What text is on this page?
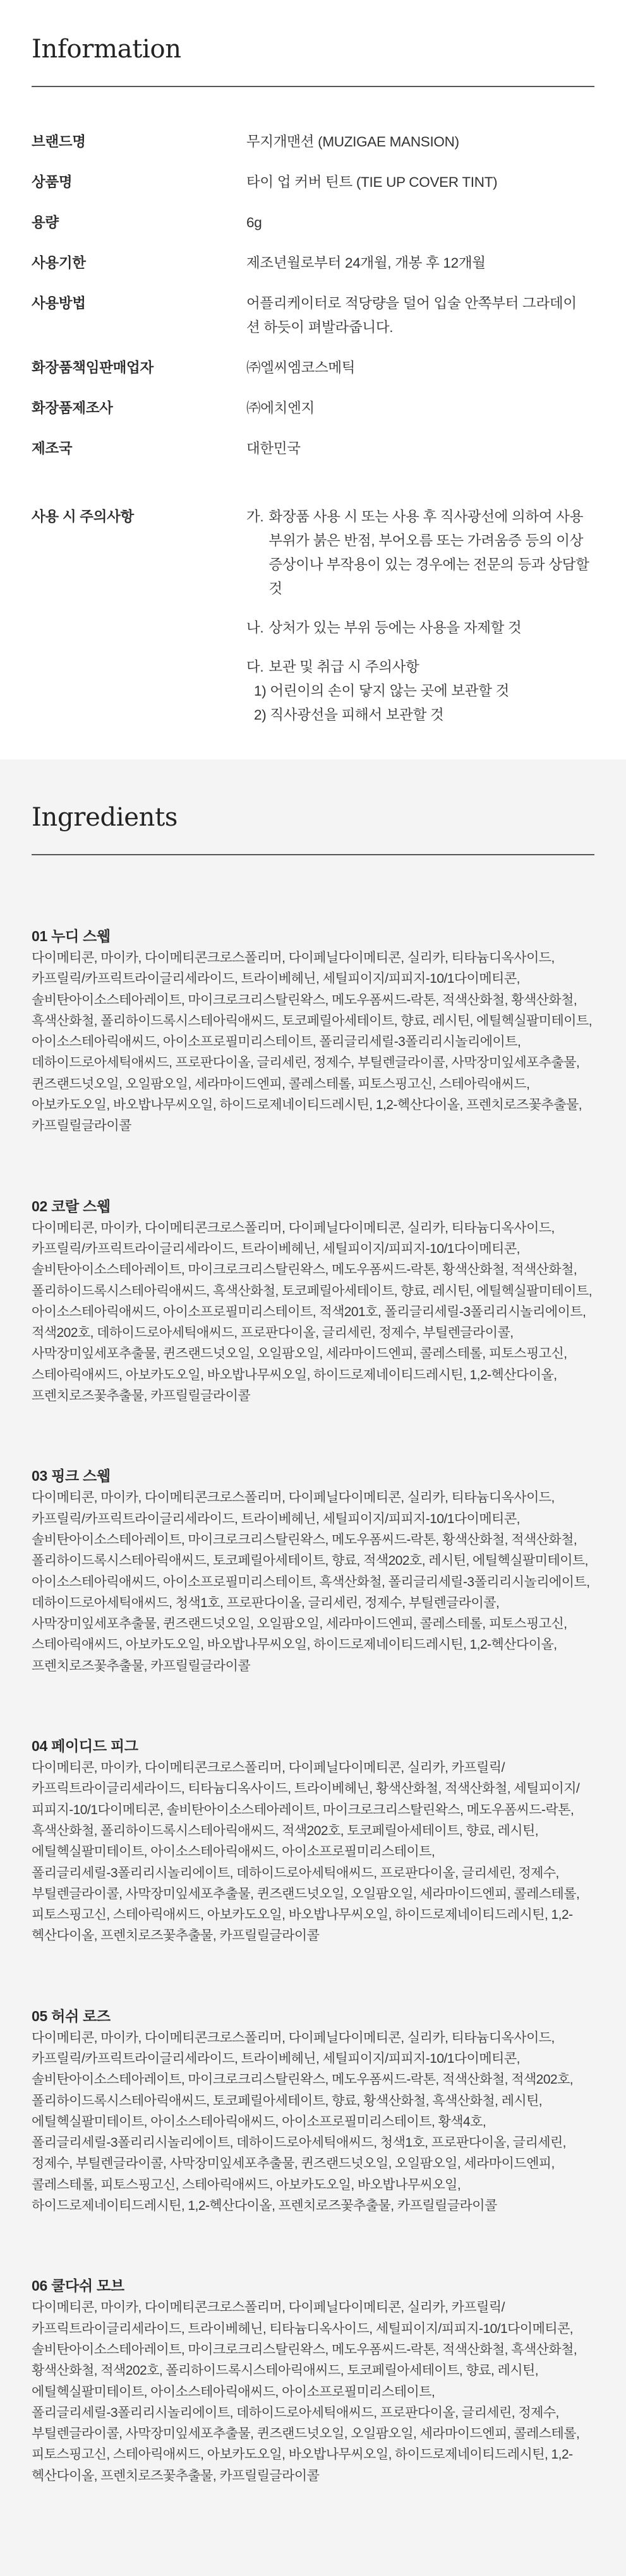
Information
브랜드명	무지개맨션 (MUZIGAE MANSION)
상품명	타이 업 커버 틴트 (TIE UP COVER TINT)
용량	6g
사용기한	제조년월로부터 24개월, 개봉 후 12개월
사용방법	어플리케이터로 적당량을 덜어 입술 안쪽부터 그라데이션 하듯이 펴발라줍니다.
화장품책임판매업자	㈜엘씨엠코스메틱
화장품제조사	㈜에치엔지
제조국	대한민국
사용 시 주의사항	가. 화장품 사용 시 또는 사용 후 직사광선에 의하여 사용부위가 붉은 반점, 부어오름 또는 가려움증 등의 이상 증상이나 부작용이 있는 경우에는 전문의 등과 상담할 것
나. 상처가 있는 부위 등에는 사용을 자제할 것
다. 보관 및 취급 시 주의사항
1) 어린이의 손이 닿지 않는 곳에 보관할 것
2) 직사광선을 피해서 보관할 것
Ingredients
01 누디 스웹
다이메티콘, 마이카, 다이메티콘크로스폴리머, 다이페닐다이메티콘, 실리카, 티타늄디옥사이드, 카프릴릭/카프릭트라이글리세라이드, 트라이베헤닌, 세틸피이지/피피지-10/1다이메티콘, 솔비탄아이소스테아레이트, 마이크로크리스탈린왁스, 메도우폼씨드-락톤, 적색산화철, 황색산화철, 흑색산화철, 폴리하이드록시스테아릭애씨드, 토코페릴아세테이트, 향료, 레시틴, 에틸헥실팔미테이트, 아이소스테아릭애씨드, 아이소프로필미리스테이트, 폴리글리세릴-3폴리리시놀리에이트, 데하이드로아세틱애씨드, 프로판다이올, 글리세린, 정제수, 부틸렌글라이콜, 사막장미잎세포추출물, 퀸즈랜드넛오일, 오일팜오일, 세라마이드엔피, 콜레스테롤, 피토스핑고신, 스테아릭애씨드, 아보카도오일, 바오밥나무씨오일, 하이드로제네이티드레시틴, 1,2-헥산다이올, 프렌치로즈꽃추출물, 카프릴릴글라이콜
02 코랄 스웹
다이메티콘, 마이카, 다이메티콘크로스폴리머, 다이페닐다이메티콘, 실리카, 티타늄디옥사이드, 카프릴릭/카프릭트라이글리세라이드, 트라이베헤닌, 세틸피이지/피피지-10/1다이메티콘, 솔비탄아이소스테아레이트, 마이크로크리스탈린왁스, 메도우폼씨드-락톤, 황색산화철, 적색산화철, 폴리하이드록시스테아릭애씨드, 흑색산화철, 토코페릴아세테이트, 향료, 레시틴, 에틸헥실팔미테이트, 아이소스테아릭애씨드, 아이소프로필미리스테이트, 적색201호, 폴리글리세릴-3폴리리시놀리에이트, 적색202호, 데하이드로아세틱애씨드, 프로판다이올, 글리세린, 정제수, 부틸렌글라이콜, 사막장미잎세포추출물, 퀸즈랜드넛오일, 오일팜오일, 세라마이드엔피, 콜레스테롤, 피토스핑고신, 스테아릭애씨드, 아보카도오일, 바오밥나무씨오일, 하이드로제네이티드레시틴, 1,2-헥산다이올, 프렌치로즈꽃추출물, 카프릴릴글라이콜
03 핑크 스웹
다이메티콘, 마이카, 다이메티콘크로스폴리머, 다이페닐다이메티콘, 실리카, 티타늄디옥사이드, 카프릴릭/카프릭트라이글리세라이드, 트라이베헤닌, 세틸피이지/피피지-10/1다이메티콘, 솔비탄아이소스테아레이트, 마이크로크리스탈린왁스, 메도우폼씨드-락톤, 황색산화철, 적색산화철, 폴리하이드록시스테아릭애씨드, 토코페릴아세테이트, 향료, 적색202호, 레시틴, 에틸헥실팔미테이트, 아이소스테아릭애씨드, 아이소프로필미리스테이트, 흑색산화철, 폴리글리세릴-3폴리리시놀리에이트, 데하이드로아세틱애씨드, 청색1호, 프로판다이올, 글리세린, 정제수, 부틸렌글라이콜, 사막장미잎세포추출물, 퀸즈랜드넛오일, 오일팜오일, 세라마이드엔피, 콜레스테롤, 피토스핑고신, 스테아릭애씨드, 아보카도오일, 바오밥나무씨오일, 하이드로제네이티드레시틴, 1,2-헥산다이올, 프렌치로즈꽃추출물, 카프릴릴글라이콜
04 페이디드 피그
다이메티콘, 마이카, 다이메티콘크로스폴리머, 다이페닐다이메티콘, 실리카, 카프릴릭/카프릭트라이글리세라이드, 티타늄디옥사이드, 트라이베헤닌, 황색산화철, 적색산화철, 세틸피이지/피피지-10/1다이메티콘, 솔비탄아이소스테아레이트, 마이크로크리스탈린왁스, 메도우폼씨드-락톤, 흑색산화철, 폴리하이드록시스테아릭애씨드, 적색202호, 토코페릴아세테이트, 향료, 레시틴, 에틸헥실팔미테이트, 아이소스테아릭애씨드, 아이소프로필미리스테이트, 폴리글리세릴-3폴리리시놀리에이트, 데하이드로아세틱애씨드, 프로판다이올, 글리세린, 정제수, 부틸렌글라이콜, 사막장미잎세포추출물, 퀸즈랜드넛오일, 오일팜오일, 세라마이드엔피, 콜레스테롤, 피토스핑고신, 스테아릭애씨드, 아보카도오일, 바오밥나무씨오일, 하이드로제네이티드레시틴, 1,2-헥산다이올, 프렌치로즈꽃추출물, 카프릴릴글라이콜
05 허쉬 로즈
다이메티콘, 마이카, 다이메티콘크로스폴리머, 다이페닐다이메티콘, 실리카, 티타늄디옥사이드, 카프릴릭/카프릭트라이글리세라이드, 트라이베헤닌, 세틸피이지/피피지-10/1다이메티콘, 솔비탄아이소스테아레이트, 마이크로크리스탈린왁스, 메도우폼씨드-락톤, 적색산화철, 적색202호, 폴리하이드록시스테아릭애씨드, 토코페릴아세테이트, 향료, 황색산화철, 흑색산화철, 레시틴, 에틸헥실팔미테이트, 아이소스테아릭애씨드, 아이소프로필미리스테이트, 황색4호, 폴리글리세릴-3폴리리시놀리에이트, 데하이드로아세틱애씨드, 청색1호, 프로판다이올, 글리세린, 정제수, 부틸렌글라이콜, 사막장미잎세포추출물, 퀸즈랜드넛오일, 오일팜오일, 세라마이드엔피, 콜레스테롤, 피토스핑고신, 스테아릭애씨드, 아보카도오일, 바오밥나무씨오일, 하이드로제네이티드레시틴, 1,2-헥산다이올, 프렌치로즈꽃추출물, 카프릴릴글라이콜
06 쿨다쉬 모브
다이메티콘, 마이카, 다이메티콘크로스폴리머, 다이페닐다이메티콘, 실리카, 카프릴릭/카프릭트라이글리세라이드, 트라이베헤닌, 티타늄디옥사이드, 세틸피이지/피피지-10/1다이메티콘, 솔비탄아이소스테아레이트, 마이크로크리스탈린왁스, 메도우폼씨드-락톤, 적색산화철, 흑색산화철, 황색산화철, 적색202호, 폴리하이드록시스테아릭애씨드, 토코페릴아세테이트, 향료, 레시틴, 에틸헥실팔미테이트, 아이소스테아릭애씨드, 아이소프로필미리스테이트, 폴리글리세릴-3폴리리시놀리에이트, 데하이드로아세틱애씨드, 프로판다이올, 글리세린, 정제수, 부틸렌글라이콜, 사막장미잎세포추출물, 퀸즈랜드넛오일, 오일팜오일, 세라마이드엔피, 콜레스테롤, 피토스핑고신, 스테아릭애씨드, 아보카도오일, 바오밥나무씨오일, 하이드로제네이티드레시틴, 1,2-헥산다이올, 프렌치로즈꽃추출물, 카프릴릴글라이콜
